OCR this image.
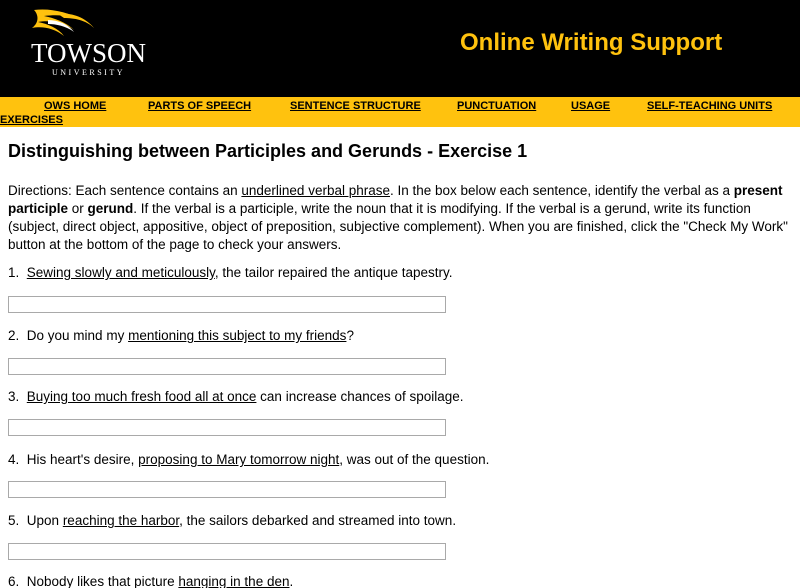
TOWSON
UNIVERSITY
Online Writing Support
OWS HOME	PARTS OF SPEECH	SENTENCE STRUCTURE	PUNCTUATION	USAGE	SELF-TEACHING UNITS
EXERCISES
Distinguishing between Participles and Gerunds - Exercise 1
Directions: Each sentence contains an underlined verbal phrase. In the box below each sentence, identify the verbal as a present participle or gerund. If the verbal is a participle, write the noun that it is modifying. If the verbal is a gerund, write its function (subject, direct object, appositive, object of preposition, subjective complement). When you are finished, click the "Check My Work" button at the bottom of the page to check your answers.
1. Sewing slowly and meticulously, the tailor repaired the antique tapestry.
2. Do you mind my mentioning this subject to my friends?
3. Buying too much fresh food all at once can increase chances of spoilage.
4. His heart's desire, proposing to Mary tomorrow night, was out of the question.
5. Upon reaching the harbor, the sailors debarked and streamed into town.
6. Nobody likes that picture hanging in the den.
